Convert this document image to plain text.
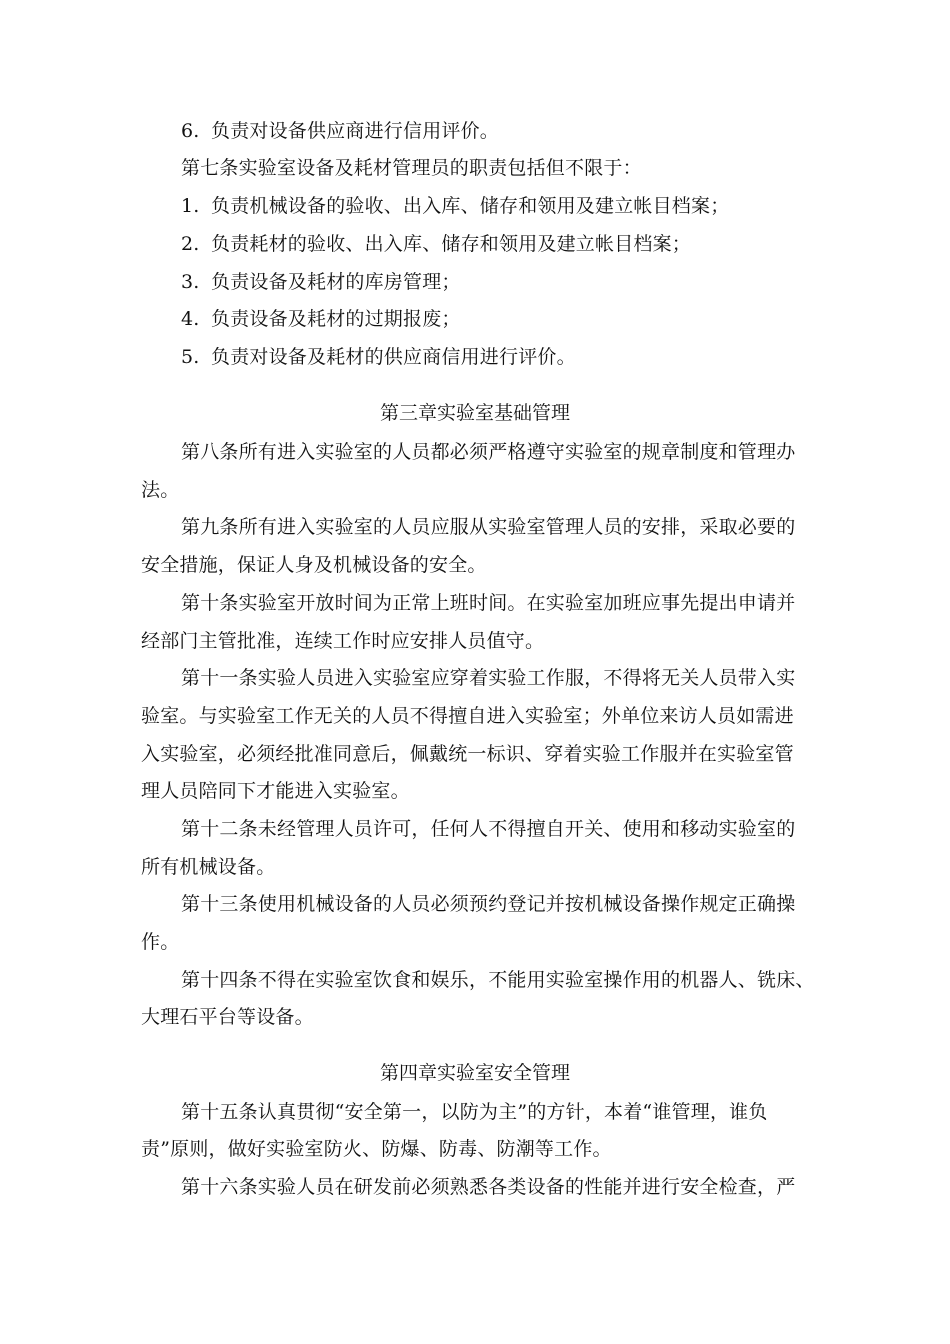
6. 负责对设备供应商进行信用评价。
第七条实验室设备及耗材管理员的职责包括但不限于：
1. 负责机械设备的验收、出入库、储存和领用及建立帐目档案；
2. 负责耗材的验收、出入库、储存和领用及建立帐目档案；
3. 负责设备及耗材的库房管理；
4. 负责设备及耗材的过期报废；
5. 负责对设备及耗材的供应商信用进行评价。
第三章实验室基础管理
第八条所有进入实验室的人员都必须严格遵守实验室的规章制度和管理办
法。
第九条所有进入实验室的人员应服从实验室管理人员的安排，采取必要的
安全措施，保证人身及机械设备的安全。
第十条实验室开放时间为正常上班时间。在实验室加班应事先提出申请并
经部门主管批准，连续工作时应安排人员值守。
第十一条实验人员进入实验室应穿着实验工作服，不得将无关人员带入实
验室。与实验室工作无关的人员不得擅自进入实验室；外单位来访人员如需进
入实验室，必须经批准同意后，佩戴统一标识、穿着实验工作服并在实验室管
理人员陪同下才能进入实验室。
第十二条未经管理人员许可，任何人不得擅自开关、使用和移动实验室的
所有机械设备。
第十三条使用机械设备的人员必须预约登记并按机械设备操作规定正确操
作。
第十四条不得在实验室饮食和娱乐，不能用实验室操作用的机器人、铣床、
大理石平台等设备。
第四章实验室安全管理
第十五条认真贯彻“安全第一，以防为主”的方针，本着“谁管理，谁负
责”原则，做好实验室防火、防爆、防毒、防潮等工作。
第十六条实验人员在研发前必须熟悉各类设备的性能并进行安全检查，严
